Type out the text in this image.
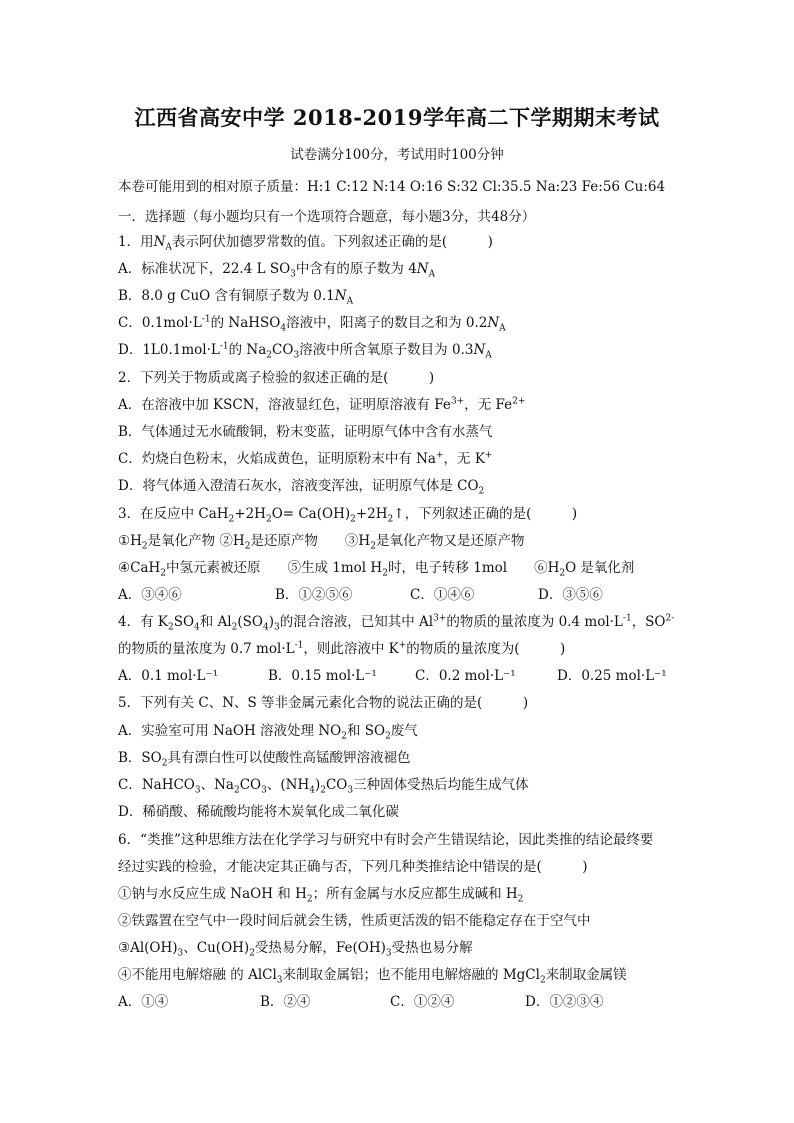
江西省高安中学 2018-2019学年高二下学期期末考试
试卷满分100分，考试用时100分钟
本卷可能用到的相对原子质量：H:1 C:12 N:14 O:16 S:32 Cl:35.5 Na:23 Fe:56 Cu:64
一．选择题（每小题均只有一个选项符合题意，每小题3分，共48分）
1．用$N_A$表示阿伏加德罗常数的值。下列叙述正确的是(　　　)
A．标准状况下，22.4 L $SO_3$中含有的原子数为 $4N_A$
B．8.0 g CuO 含有铜原子数为 $0.1N_A$
C．$0.1mol\cdot L^{-1}$的 NaHSO$_4$溶液中，阳离子的数目之和为 $0.2N_A$
D．$1L0.1mol\cdot L^{-1}$的 $Na_2CO_3$溶液中所含氧原子数目为 $0.3N_A$
2．下列关于物质或离子检验的叙述正确的是(　　　)
A．在溶液中加 KSCN，溶液显红色，证明原溶液有 $Fe^{3+}$，无 $Fe^{2+}$
B．气体通过无水硫酸铜，粉末变蓝，证明原气体中含有水蒸气
C．灼烧白色粉末，火焰成黄色，证明原粉末中有 Na+，无 K+
D．将气体通入澄清石灰水，溶液变浑浊，证明原气体是 $CO_2$
3．在反应中 $CaH_2+2H_2O=$ $Ca(OH)_2+2H_2↑$，下列叙述正确的是(　　　)
$①H_2$是氧化产物 $②H_2$是还原产物　　$③H_2$是氧化产物又是还原产物
④CaH$_2$中氢元素被还原　　⑤生成 1mol $H_2$时，电子转移 1mol　　$⑥H_2O$ 是氧化剂
A．③④⑥	B．①②⑤⑥	C．①④⑥	D．③⑤⑥
4．有 $K_2SO_4$和 $Al_2(SO_4)_3$的混合溶液，已知其中 $Al^{3+}$的物质的量浓度为 0.4 $mol\cdot L^{-1}$，$SO^{2-}$
的物质的量浓度为 0.7 $mol\cdot L^{-1}$，则此溶液中 K+的物质的量浓度为(　　　)
A．0.1 mol·L⁻¹	B．0.15 mol·L⁻¹	C．0.2 mol·L⁻¹	D．0.25 mol·L⁻¹
5．下列有关 C、N、S 等非金属元素化合物的说法正确的是(　　　)
A．实验室可用 NaOH 溶液处理 $NO_2$和 $SO_2$废气
B．$SO_2$具有漂白性可以使酸性高锰酸钾溶液褪色
C．NaHCO$_3$、$Na_2CO_3$、$(NH_4)_2CO_3$三种固体受热后均能生成气体
D．稀硝酸、稀硫酸均能将木炭氧化成二氧化碳
6．“类推”这种思维方法在化学学习与研究中有时会产生错误结论，因此类推的结论最终要
经过实践的检验，才能决定其正确与否，下列几种类推结论中错误的是(　　　)
①钠与水反应生成 NaOH 和 $H_2$；所有金属与水反应都生成碱和 $H_2$
②铁露置在空气中一段时间后就会生锈，性质更活泼的铝不能稳定存在于空气中
$③Al(OH)_3$、$Cu(OH)_2$受热易分解，$Fe(OH)_3$受热也易分解
④不能用电解熔融 的 AlCl$_3$来制取金属铝；也不能用电解熔融的 MgCl$_2$来制取金属镁
A．①④	B．②④	C．①②④	D．①②③④
